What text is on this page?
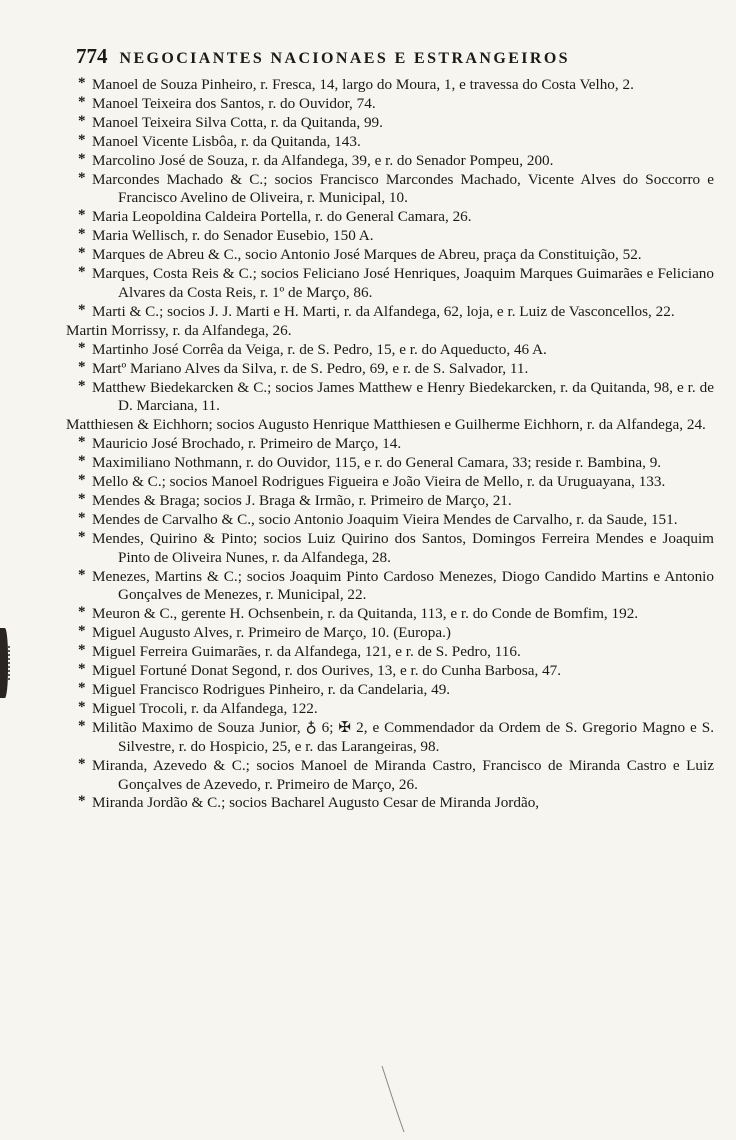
774 NEGOCIANTES NACIONAES E ESTRANGEIROS
* Manoel de Souza Pinheiro, r. Fresca, 14, largo do Moura, 1, e travessa do Costa Velho, 2.
* Manoel Teixeira dos Santos, r. do Ouvidor, 74.
* Manoel Teixeira Silva Cotta, r. da Quitanda, 99.
* Manoel Vicente Lisbôa, r. da Quitanda, 143.
* Marcolino José de Souza, r. da Alfandega, 39, e r. do Senador Pompeu, 200.
* Marcondes Machado & C.; socios Francisco Marcondes Machado, Vicente Alves do Soccorro e Francisco Avelino de Oliveira, r. Municipal, 10.
* Maria Leopoldina Caldeira Portella, r. do General Camara, 26.
* Maria Wellisch, r. do Senador Eusebio, 150 A.
* Marques de Abreu & C., socio Antonio José Marques de Abreu, praça da Constituição, 52.
* Marques, Costa Reis & C.; socios Feliciano José Henriques, Joaquim Marques Guimarães e Feliciano Alvares da Costa Reis, r. 1º de Março, 86.
* Marti & C.; socios J. J. Marti e H. Marti, r. da Alfandega, 62, loja, e r. Luiz de Vasconcellos, 22.
Martin Morrissy, r. da Alfandega, 26.
* Martinho José Corrêa da Veiga, r. de S. Pedro, 15, e r. do Aqueducto, 46 A.
* Martº Mariano Alves da Silva, r. de S. Pedro, 69, e r. de S. Salvador, 11.
* Matthew Biedekarcken & C.; socios James Matthew e Henry Biedekarcken, r. da Quitanda, 98, e r. de D. Marciana, 11.
Matthiesen & Eichhorn; socios Augusto Henrique Matthiesen e Guilherme Eichhorn, r. da Alfandega, 24.
* Mauricio José Brochado, r. Primeiro de Março, 14.
* Maximiliano Nothmann, r. do Ouvidor, 115, e r. do General Camara, 33; reside r. Bambina, 9.
* Mello & C.; socios Manoel Rodrigues Figueira e João Vieira de Mello, r. da Uruguayana, 133.
* Mendes & Braga; socios J. Braga & Irmão, r. Primeiro de Março, 21.
* Mendes de Carvalho & C., socio Antonio Joaquim Vieira Mendes de Carvalho, r. da Saude, 151.
* Mendes, Quirino & Pinto; socios Luiz Quirino dos Santos, Domingos Ferreira Mendes e Joaquim Pinto de Oliveira Nunes, r. da Alfandega, 28.
* Menezes, Martins & C.; socios Joaquim Pinto Cardoso Menezes, Diogo Candido Martins e Antonio Gonçalves de Menezes, r. Municipal, 22.
* Meuron & C., gerente H. Ochsenbein, r. da Quitanda, 113, e r. do Conde de Bomfim, 192.
* Miguel Augusto Alves, r. Primeiro de Março, 10. (Europa.)
* Miguel Ferreira Guimarães, r. da Alfandega, 121, e r. de S. Pedro, 116.
* Miguel Fortuné Donat Segond, r. dos Ourives, 13, e r. do Cunha Barbosa, 47.
* Miguel Francisco Rodrigues Pinheiro, r. da Candelaria, 49.
* Miguel Trocoli, r. da Alfandega, 122.
* Militão Maximo de Souza Junior, ♁ 6; ✠ 2, e Commendador da Ordem de S. Gregorio Magno e S. Silvestre, r. do Hospicio, 25, e r. das Larangeiras, 98.
* Miranda, Azevedo & C.; socios Manoel de Miranda Castro, Francisco de Miranda Castro e Luiz Gonçalves de Azevedo, r. Primeiro de Março, 26.
* Miranda Jordão & C.; socios Bacharel Augusto Cesar de Miranda Jordão,
